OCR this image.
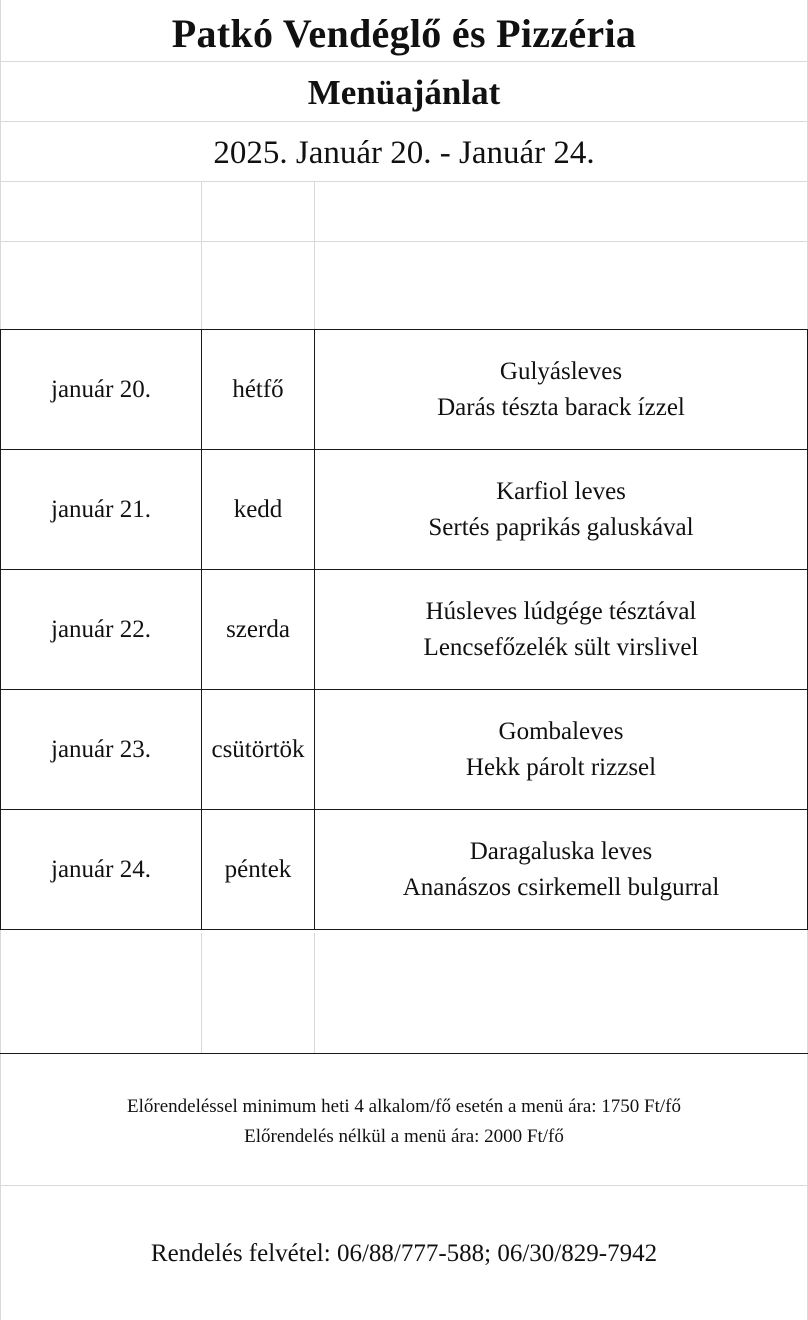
Patkó Vendéglő és Pizzéria
Menüajánlat
2025. Január 20. - Január 24.
január 20.	hétfő	Gulyásleves
Darás tészta barack ízzel

január 21.	kedd	Karfiol leves
Sertés paprikás galuskával

január 22.	szerda	Húsleves lúdgége tésztával
Lencsefőzelék sült virslivel

január 23.	csütörtök	Gombaleves
Hekk párolt rizzsel

január 24.	péntek	Daragaluska leves
Ananászos csirkemell bulgurral
Előrendeléssel minimum heti 4 alkalom/fő esetén a menü ára: 1750 Ft/fő
Előrendelés nélkül a menü ára: 2000 Ft/fő
Rendelés felvétel: 06/88/777-588; 06/30/829-7942
